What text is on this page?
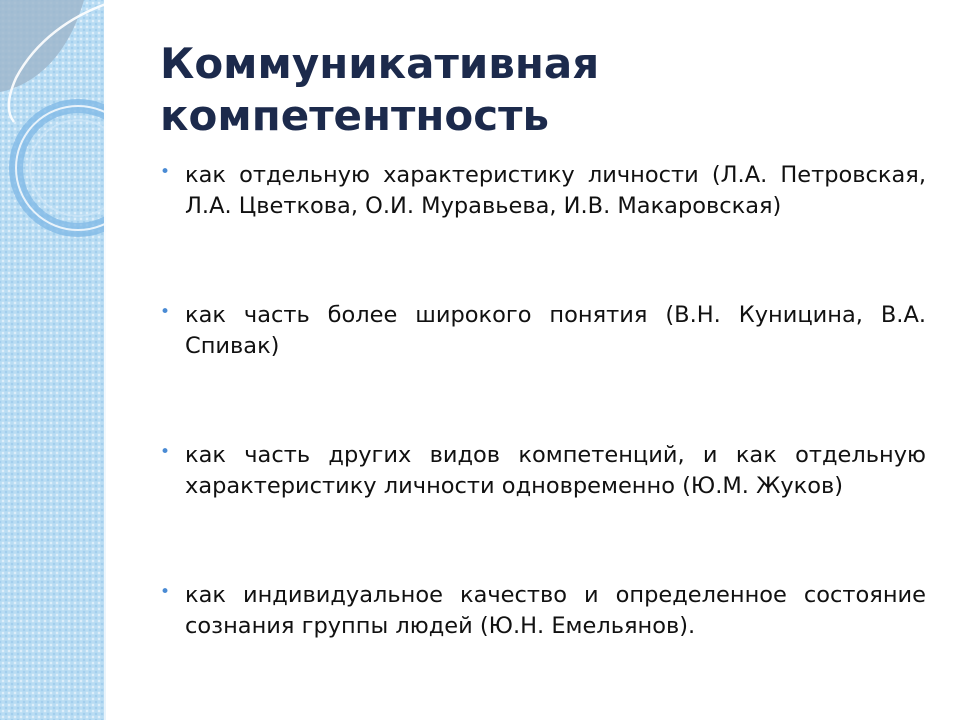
Коммуникативная компетентность
• как отдельную характеристику личности (Л.А. Петровская, Л.А. Цветкова, О.И. Муравьева, И.В. Макаровская)
• как часть более широкого понятия (В.Н. Куницина, В.А. Спивак)
• как часть других видов компетенций, и как отдельную характеристику личности одновременно (Ю.М. Жуков)
• как индивидуальное качество и определенное состояние сознания группы людей (Ю.Н. Емельянов).
